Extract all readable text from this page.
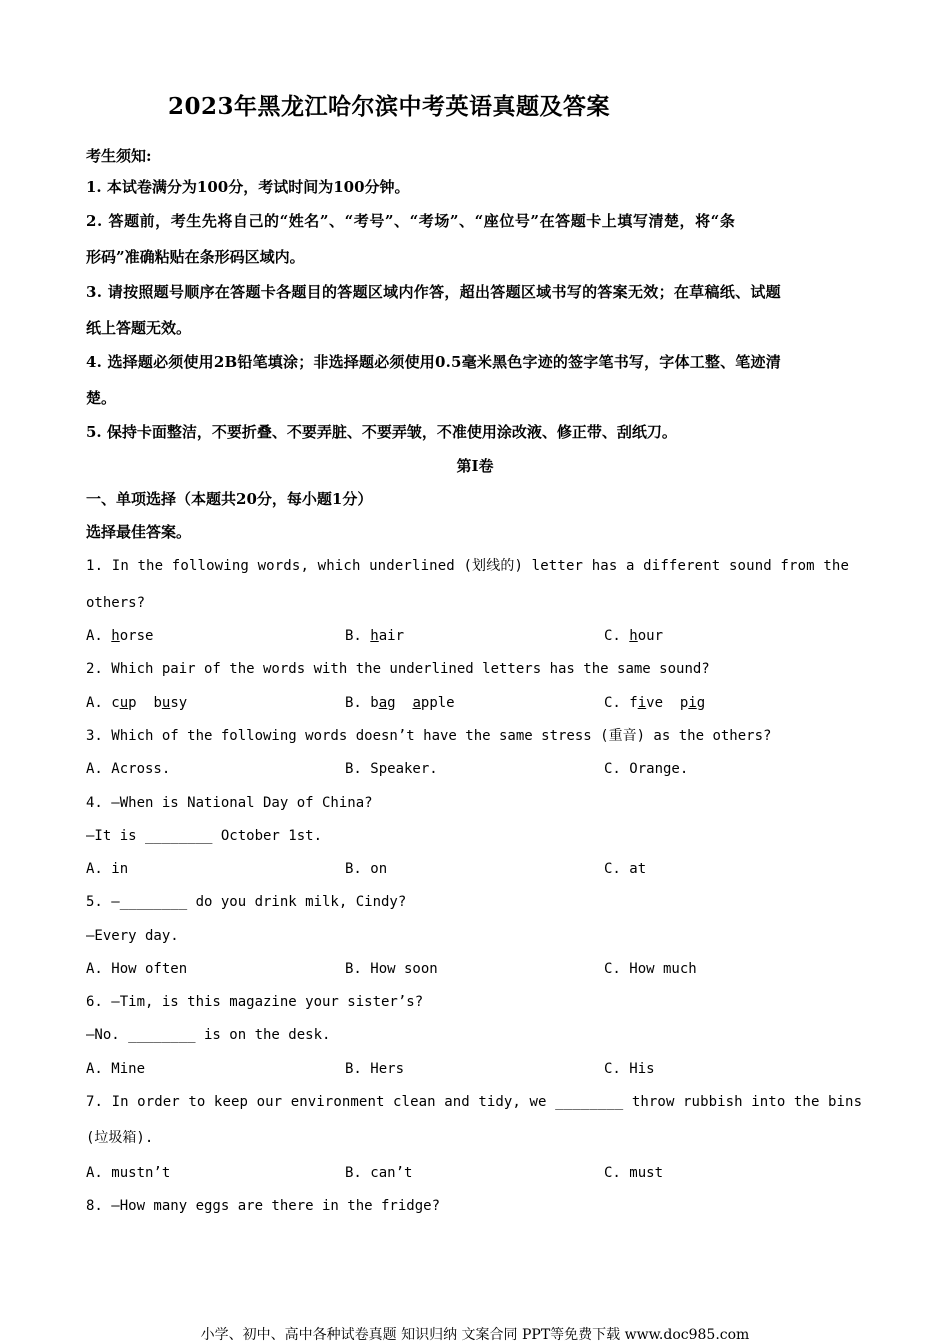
2023年黑龙江哈尔滨中考英语真题及答案
考生须知:
1. 本试卷满分为100分，考试时间为100分钟。
2. 答题前，考生先将自己的“姓名”、“考号”、“考场”、“座位号”在答题卡上填写清楚，将“条
形码”准确粘贴在条形码区域内。
3. 请按照题号顺序在答题卡各题目的答题区域内作答，超出答题区域书写的答案无效；在草稿纸、试题
纸上答题无效。
4. 选择题必须使用2B铅笔填涂；非选择题必须使用0.5毫米黑色字迹的签字笔书写，字体工整、笔迹清
楚。
5. 保持卡面整洁，不要折叠、不要弄脏、不要弄皱，不准使用涂改液、修正带、刮纸刀。
第Ⅰ卷
一、单项选择（本题共20分，每小题1分）
选择最佳答案。
1. In the following words, which underlined (划线的) letter has a different sound from the
others?
A. horse	B. hair	C. hour
2. Which pair of the words with the underlined letters has the same sound?
A. cup  busy	B. bag  apple	C. five  pig
3. Which of the following words doesn’t have the same stress (重音) as the others?
A. Across.	B. Speaker.	C. Orange.
4. —When is National Day of China?
—It is ________ October 1st.
A. in	B. on	C. at
5. —________ do you drink milk, Cindy?
—Every day.
A. How often	B. How soon	C. How much
6. —Tim, is this magazine your sister’s?
—No. ________ is on the desk.
A. Mine	B. Hers	C. His
7. In order to keep our environment clean and tidy, we ________ throw rubbish into the bins
(垃圾箱).
A. mustn’t	B. can’t	C. must
8. —How many eggs are there in the fridge?
小学、初中、高中各种试卷真题 知识归纳 文案合同 PPT等免费下载 www.doc985.com
